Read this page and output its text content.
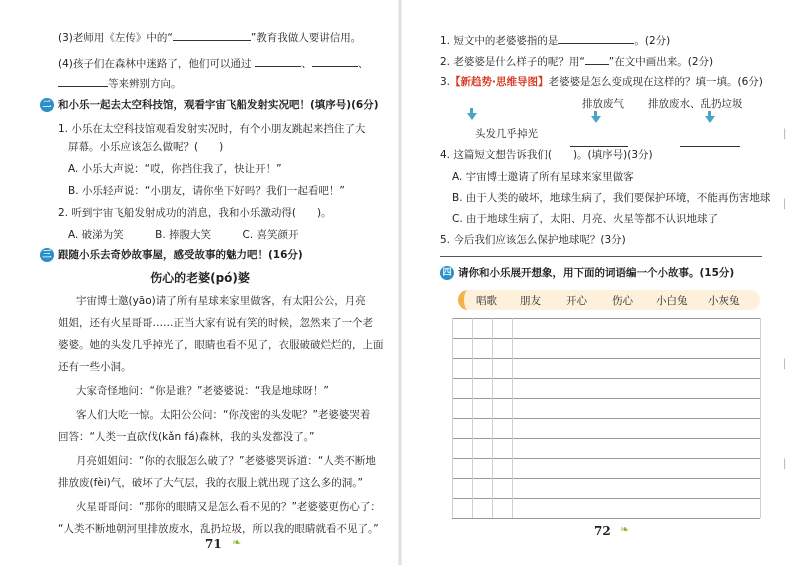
(3)老师用《左传》中的“	”教育我做人要讲信用。
(4)孩子们在森林中迷路了，他们可以通过	、	、
等来辨别方向。
二 和小乐一起去太空科技馆，观看宇宙飞船发射实况吧！(填序号)(6分)
1. 小乐在太空科技馆观看发射实况时，有个小朋友跳起来挡住了大
屏幕。小乐应该怎么做呢？(　　)
A. 小乐大声说：“哎，你挡住我了，快让开！”
B. 小乐轻声说：“小朋友，请你坐下好吗？我们一起看吧！”
2. 听到宇宙飞船发射成功的消息，我和小乐激动得(　　)。
A. 破涕为笑　　　B. 捧腹大笑　　　C. 喜笑颜开
三 跟随小乐去奇妙故事屋，感受故事的魅力吧！(16分)
伤心的老婆(pó)婆
宇宙博士邀(yāo)请了所有星球来家里做客，有太阳公公，月亮
姐姐，还有火星哥哥……正当大家有说有笑的时候，忽然来了一个老
婆婆。她的头发几乎掉光了，眼睛也看不见了，衣服破破烂烂的，上面
还有一些小洞。
大家奇怪地问：“你是谁？”老婆婆说：“我是地球呀！”
客人们大吃一惊。太阳公公问：“你茂密的头发呢？”老婆婆哭着
回答：“人类一直砍伐(kǎn fá)森林，我的头发都没了。”
月亮姐姐问：“你的衣服怎么破了？”老婆婆哭诉道：“人类不断地
排放废(fèi)气，破坏了大气层，我的衣服上就出现了这么多的洞。”
火星哥哥问：“那你的眼睛又是怎么看不见的？”老婆婆更伤心了：
“人类不断地朝河里排放废水，乱扔垃圾，所以我的眼睛就看不见了。”
71 ❧
1. 短文中的老婆婆指的是	。(2分)
2. 老婆婆是什么样子的呢？用“ ”在文中画出来。(2分)
3.【新趋势·思维导图】老婆婆是怎么变成现在这样的？填一填。(6分)
排放废气 排放废水、乱扔垃圾
头发几乎掉光
4. 这篇短文想告诉我们(　　)。(填序号)(3分)
A. 宇宙博士邀请了所有星球来家里做客
B. 由于人类的破坏，地球生病了，我们要保护环境，不能再伤害地球
C. 由于地球生病了，太阳、月亮、火星等都不认识地球了
5. 今后我们应该怎么保护地球呢？(3分)
四 请你和小乐展开想象，用下面的词语编一个小故事。(15分)
唱歌 朋友 开心 伤心 小白兔 小灰兔
72 ❧
│
│
│
│
